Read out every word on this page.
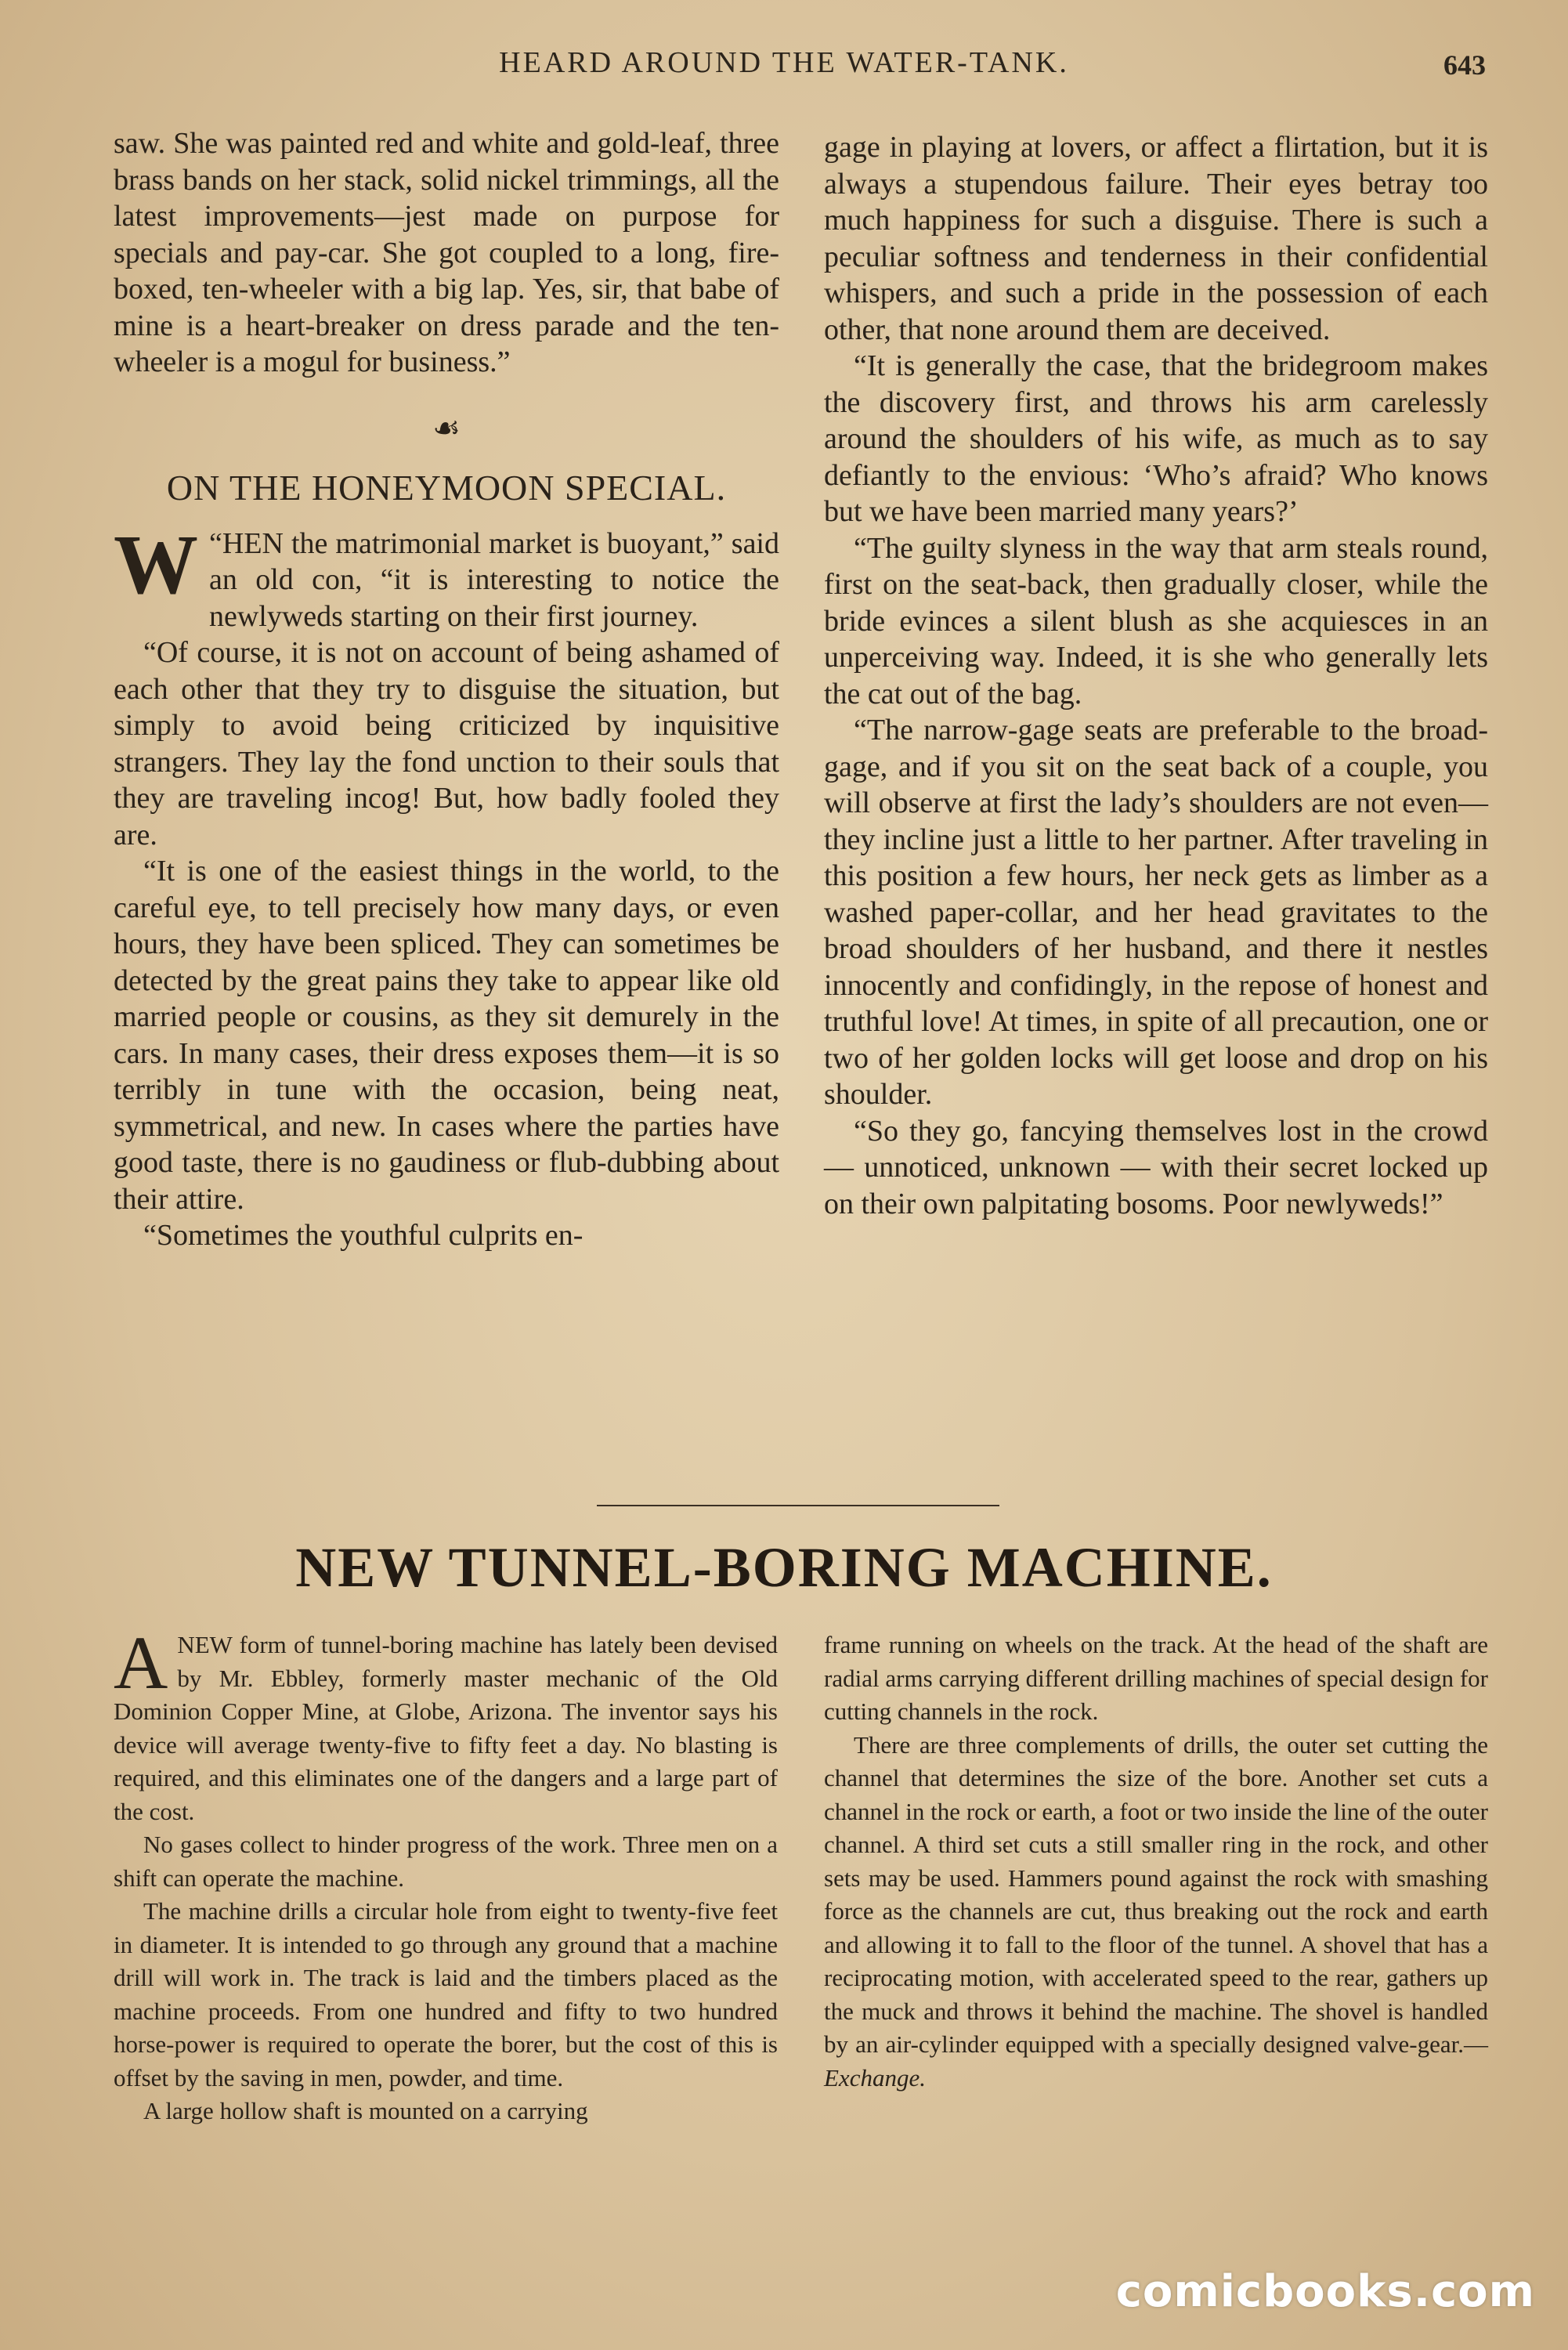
HEARD AROUND THE WATER-TANK.	643

saw. She was painted red and white and gold-leaf, three brass bands on her stack, solid nickel trimmings, all the latest improvements—jest made on purpose for specials and pay-car. She got coupled to a long, fire-boxed, ten-wheeler with a big lap. Yes, sir, that babe of mine is a heart-breaker on dress parade and the ten-wheeler is a mogul for business.”

☙
ON THE HONEYMOON SPECIAL.

“
W HEN the matrimonial market is buoyant,” said an old con, “it is interesting to notice the newlyweds starting on their first journey.

“Of course, it is not on account of being ashamed of each other that they try to disguise the situation, but simply to avoid being criticized by inquisitive strangers. They lay the fond unction to their souls that they are traveling incog! But, how badly fooled they are.

“It is one of the easiest things in the world, to the careful eye, to tell precisely how many days, or even hours, they have been spliced. They can sometimes be detected by the great pains they take to appear like old married people or cousins, as they sit demurely in the cars. In many cases, their dress exposes them—it is so terribly in tune with the occasion, being neat, symmetrical, and new. In cases where the parties have good taste, there is no gaudiness or flub-dubbing about their attire.

“Sometimes the youthful culprits en-

gage in playing at lovers, or affect a flirtation, but it is always a stupendous failure. Their eyes betray too much happiness for such a disguise. There is such a peculiar softness and tenderness in their confidential whispers, and such a pride in the possession of each other, that none around them are deceived.

“It is generally the case, that the bridegroom makes the discovery first, and throws his arm carelessly around the shoulders of his wife, as much as to say defiantly to the envious: ‘Who’s afraid? Who knows but we have been married many years?’

“The guilty slyness in the way that arm steals round, first on the seat-back, then gradually closer, while the bride evinces a silent blush as she acquiesces in an unperceiving way. Indeed, it is she who generally lets the cat out of the bag.

“The narrow-gage seats are preferable to the broad-gage, and if you sit on the seat back of a couple, you will observe at first the lady’s shoulders are not even—they incline just a little to her partner. After traveling in this position a few hours, her neck gets as limber as a washed paper-collar, and her head gravitates to the broad shoulders of her husband, and there it nestles innocently and confidingly, in the repose of honest and truthful love! At times, in spite of all precaution, one or two of her golden locks will get loose and drop on his shoulder.

“So they go, fancying themselves lost in the crowd — unnoticed, unknown — with their secret locked up on their own palpitating bosoms. Poor newlyweds!”

NEW TUNNEL-BORING MACHINE.

ANEW form of tunnel-boring machine has lately been devised by Mr. Ebbley, formerly master mechanic of the Old Dominion Copper Mine, at Globe, Arizona. The inventor says his device will average twenty-five to fifty feet a day. No blasting is required, and this eliminates one of the dangers and a large part of the cost.

No gases collect to hinder progress of the work. Three men on a shift can operate the machine.

The machine drills a circular hole from eight to twenty-five feet in diameter. It is intended to go through any ground that a machine drill will work in. The track is laid and the timbers placed as the machine proceeds. From one hundred and fifty to two hundred horse-power is required to operate the borer, but the cost of this is offset by the saving in men, powder, and time.

A large hollow shaft is mounted on a carrying

frame running on wheels on the track. At the head of the shaft are radial arms carrying different drilling machines of special design for cutting channels in the rock.

There are three complements of drills, the outer set cutting the channel that determines the size of the bore. Another set cuts a channel in the rock or earth, a foot or two inside the line of the outer channel. A third set cuts a still smaller ring in the rock, and other sets may be used. Hammers pound against the rock with smashing force as the channels are cut, thus breaking out the rock and earth and allowing it to fall to the floor of the tunnel. A shovel that has a reciprocating motion, with accelerated speed to the rear, gathers up the muck and throws it behind the machine. The shovel is handled by an air-cylinder equipped with a specially designed valve-gear.—Exchange.

comicbooks.com
